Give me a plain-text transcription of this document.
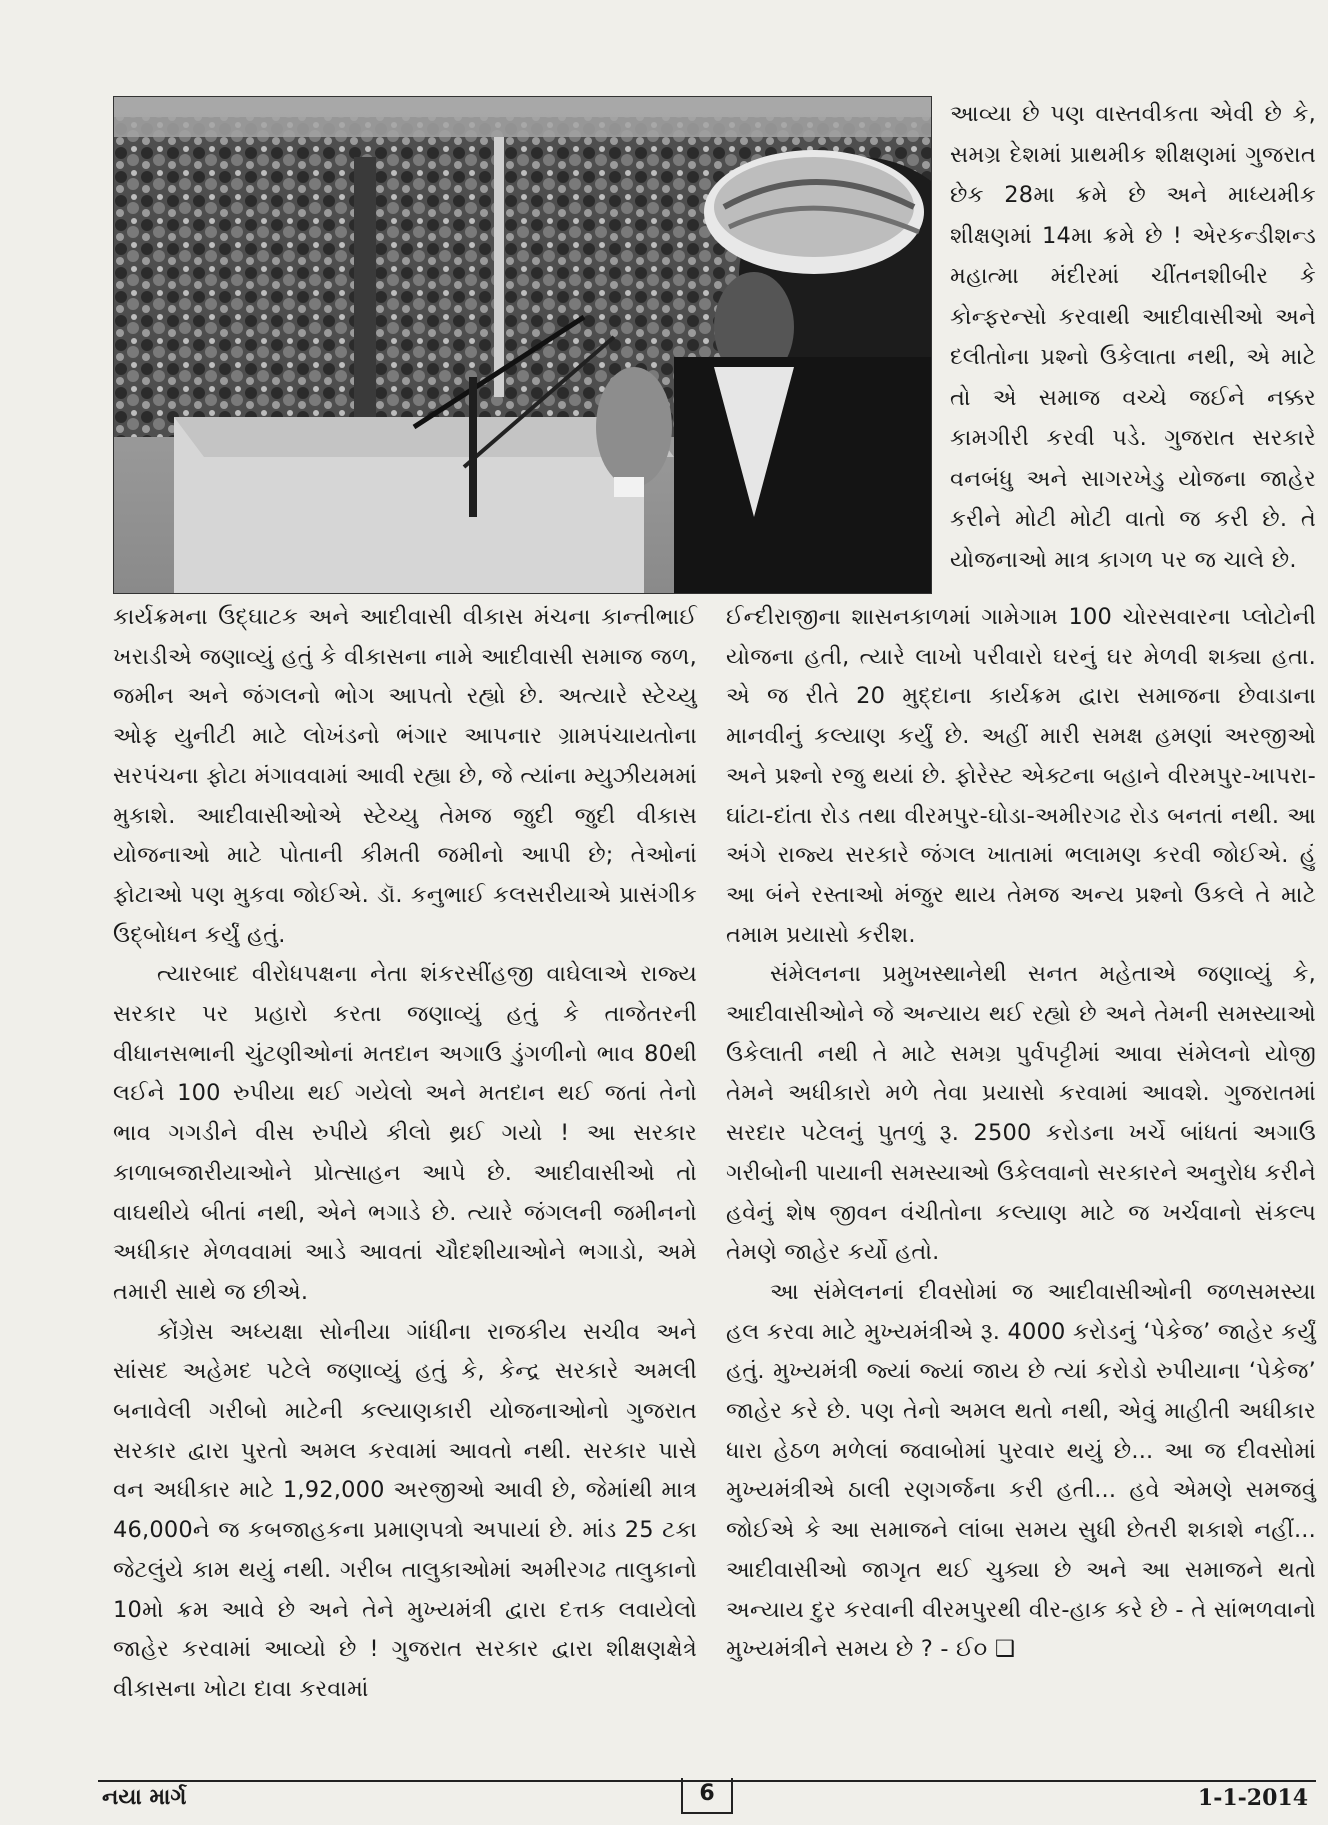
આવ્યા છે પણ વાસ્તવીકતા એવી છે કે, સમગ્ર દેશમાં પ્રાથમીક શીક્ષણમાં ગુજરાત છેક 28મા ક્રમે છે અને માધ્યમીક શીક્ષણમાં 14મા ક્રમે છે ! એરકન્ડીશન્ડ મહાત્મા મંદીરમાં ચીંતનશીબીર કે કોન્ફરન્સો કરવાથી આદીવાસીઓ અને દલીતોના પ્રશ્નો ઉકેલાતા નથી, એ માટે તો એ સમાજ વચ્ચે જઈને નક્કર કામગીરી કરવી પડે. ગુજરાત સરકારે વનબંધુ અને સાગરખેડુ યોજના જાહેર કરીને મોટી મોટી વાતો જ કરી છે. તે યોજનાઓ માત્ર કાગળ પર જ ચાલે છે.

કાર્યક્રમના ઉદ્ઘાટક અને આદીવાસી વીકાસ મંચના કાન્તીભાઈ ખરાડીએ જણાવ્યું હતું કે વીકાસના નામે આદીવાસી સમાજ જળ, જમીન અને જંગલનો ભોગ આપતો રહ્યો છે. અત્યારે સ્ટેચ્યુ ઓફ યુનીટી માટે લોખંડનો ભંગાર આપનાર ગ્રામપંચાયતોના સરપંચના ફોટા મંગાવવામાં આવી રહ્યા છે, જે ત્યાંના મ્યુઝીયમમાં મુકાશે. આદીવાસીઓએ સ્ટેચ્યુ તેમજ જુદી જુદી વીકાસ યોજનાઓ માટે પોતાની કીમતી જમીનો આપી છે; તેઓનાં ફોટાઓ પણ મુકવા જોઈએ. ડૉ. કનુભાઈ કલસરીયાએ પ્રાસંગીક ઉદ્બોધન કર્યું હતું.

ત્યારબાદ વીરોધપક્ષના નેતા શંકરસીંહજી વાઘેલાએ રાજ્ય સરકાર પર પ્રહારો કરતા જણાવ્યું હતું કે તાજેતરની વીધાનસભાની ચુંટણીઓનાં મતદાન અગાઉ ડુંગળીનો ભાવ 80થી લઈને 100 રુપીયા થઈ ગયેલો અને મતદાન થઈ જતાં તેનો ભાવ ગગડીને વીસ રુપીયે કીલો થ્રઈ ગયો ! આ સરકાર કાળાબજારીયાઓને પ્રોત્સાહન આપે છે. આદીવાસીઓ તો વાઘથીયે બીતાં નથી, એને ભગાડે છે. ત્યારે જંગલની જમીનનો અધીકાર મેળવવામાં આડે આવતાં ચૌદશીયાઓને ભગાડો, અમે તમારી સાથે જ છીએ.

કોંગ્રેસ અધ્યક્ષા સોનીયા ગાંધીના રાજકીય સચીવ અને સાંસદ અહેમદ પટેલે જણાવ્યું હતું કે, કેન્દ્ર સરકારે અમલી બનાવેલી ગરીબો માટેની કલ્યાણકારી યોજનાઓનો ગુજરાત સરકાર દ્વારા પુરતો અમલ કરવામાં આવતો નથી. સરકાર પાસે વન અધીકાર માટે 1,92,000 અરજીઓ આવી છે, જેમાંથી માત્ર 46,000ને જ કબજાહકના પ્રમાણપત્રો અપાયાં છે. માંડ 25 ટકા જેટલુંયે કામ થયું નથી. ગરીબ તાલુકાઓમાં અમીરગઢ તાલુકાનો 10મો ક્રમ આવે છે અને તેને મુખ્યમંત્રી દ્વારા દત્તક લવાયેલો જાહેર કરવામાં આવ્યો છે ! ગુજરાત સરકાર દ્વારા શીક્ષણક્ષેત્રે વીકાસના ખોટા દાવા કરવામાં

ઈન્દીરાજીના શાસનકાળમાં ગામેગામ 100 ચોરસવારના પ્લોટોની યોજના હતી, ત્યારે લાખો પરીવારો ઘરનું ઘર મેળવી શક્યા હતા. એ જ રીતે 20 મુદ્દાના કાર્યક્રમ દ્વારા સમાજના છેવાડાના માનવીનું કલ્યાણ કર્યું છે. અહીં મારી સમક્ષ હમણાં અરજીઓ અને પ્રશ્નો રજુ થયાં છે. ફોરેસ્ટ એક્ટના બહાને વીરમપુર-ખાપરા-ઘાંટા-દાંતા રોડ તથા વીરમપુર-ઘોડા-અમીરગઢ રોડ બનતાં નથી. આ અંગે રાજ્ય સરકારે જંગલ ખાતામાં ભલામણ કરવી જોઈએ. હું આ બંને રસ્તાઓ મંજુર થાય તેમજ અન્ય પ્રશ્નો ઉકલે તે માટે તમામ પ્રયાસો કરીશ.

સંમેલનના પ્રમુખસ્થાનેથી સનત મહેતાએ જણાવ્યું કે, આદીવાસીઓને જે અન્યાય થઈ રહ્યો છે અને તેમની સમસ્યાઓ ઉકેલાતી નથી તે માટે સમગ્ર પુર્વપટ્ટીમાં આવા સંમેલનો યોજી તેમને અધીકારો મળે તેવા પ્રયાસો કરવામાં આવશે. ગુજરાતમાં સરદાર પટેલનું પુતળું રૂ. 2500 કરોડના ખર્ચે બાંધતાં અગાઉ ગરીબોની પાયાની સમસ્યાઓ ઉકેલવાનો સરકારને અનુરોધ કરીને હવેનું શેષ જીવન વંચીતોના કલ્યાણ માટે જ ખર્ચવાનો સંકલ્પ તેમણે જાહેર કર્યો હતો.

આ સંમેલનનાં દીવસોમાં જ આદીવાસીઓની જળસમસ્યા હલ કરવા માટે મુખ્યમંત્રીએ રૂ. 4000 કરોડનું ‘પેકેજ’ જાહેર કર્યું હતું. મુખ્યમંત્રી જ્યાં જ્યાં જાય છે ત્યાં કરોડો રુપીયાના ‘પેકેજ’ જાહેર કરે છે. પણ તેનો અમલ થતો નથી, એવું માહીતી અધીકાર ધારા હેઠળ મળેલાં જવાબોમાં પુરવાર થયું છે... આ જ દીવસોમાં મુખ્યમંત્રીએ ઠાલી રણગર્જના કરી હતી... હવે એમણે સમજવું જોઈએ કે આ સમાજને લાંબા સમય સુધી છેતરી શકાશે નહીં... આદીવાસીઓ જાગૃત થઈ ચુક્યા છે અને આ સમાજને થતો અન્યાય દુર કરવાની વીરમપુરથી વીર-હાક કરે છે - તે સાંભળવાનો મુખ્યમંત્રીને સમય છે ? - ઈ૦ ❑

નયા માર્ગ	6	1-1-2014
